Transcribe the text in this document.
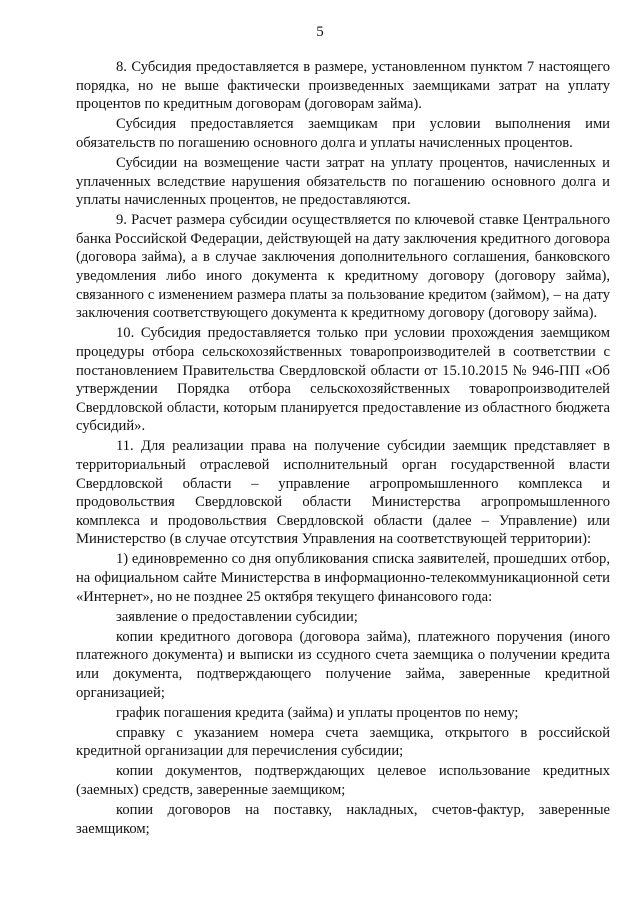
5

8. Субсидия предоставляется в размере, установленном пунктом 7 настоящего порядка, но не выше фактически произведенных заемщиками затрат на уплату процентов по кредитным договорам (договорам займа).

Субсидия предоставляется заемщикам при условии выполнения ими обязательств по погашению основного долга и уплаты начисленных процентов.

Субсидии на возмещение части затрат на уплату процентов, начисленных и уплаченных вследствие нарушения обязательств по погашению основного долга и уплаты начисленных процентов, не предоставляются.

9. Расчет размера субсидии осуществляется по ключевой ставке Центрального банка Российской Федерации, действующей на дату заключения кредитного договора (договора займа), а в случае заключения дополнительного соглашения, банковского уведомления либо иного документа к кредитному договору (договору займа), связанного с изменением размера платы за пользование кредитом (займом), – на дату заключения соответствующего документа к кредитному договору (договору займа).

10. Субсидия предоставляется только при условии прохождения заемщиком процедуры отбора сельскохозяйственных товаропроизводителей в соответствии с постановлением Правительства Свердловской области от 15.10.2015 № 946-ПП «Об утверждении Порядка отбора сельскохозяйственных товаропроизводителей Свердловской области, которым планируется предоставление из областного бюджета субсидий».

11. Для реализации права на получение субсидии заемщик представляет в территориальный отраслевой исполнительный орган государственной власти Свердловской области – управление агропромышленного комплекса и продовольствия Свердловской области Министерства агропромышленного комплекса и продовольствия Свердловской области (далее – Управление) или Министерство (в случае отсутствия Управления на соответствующей территории):

1) единовременно со дня опубликования списка заявителей, прошедших отбор, на официальном сайте Министерства в информационно-телекоммуникационной сети «Интернет», но не позднее 25 октября текущего финансового года:

заявление о предоставлении субсидии;

копии кредитного договора (договора займа), платежного поручения (иного платежного документа) и выписки из ссудного счета заемщика о получении кредита или документа, подтверждающего получение займа, заверенные кредитной организацией;

график погашения кредита (займа) и уплаты процентов по нему;

справку с указанием номера счета заемщика, открытого в российской кредитной организации для перечисления субсидии;

копии документов, подтверждающих целевое использование кредитных (заемных) средств, заверенные заемщиком;

копии договоров на поставку, накладных, счетов-фактур, заверенные заемщиком;
